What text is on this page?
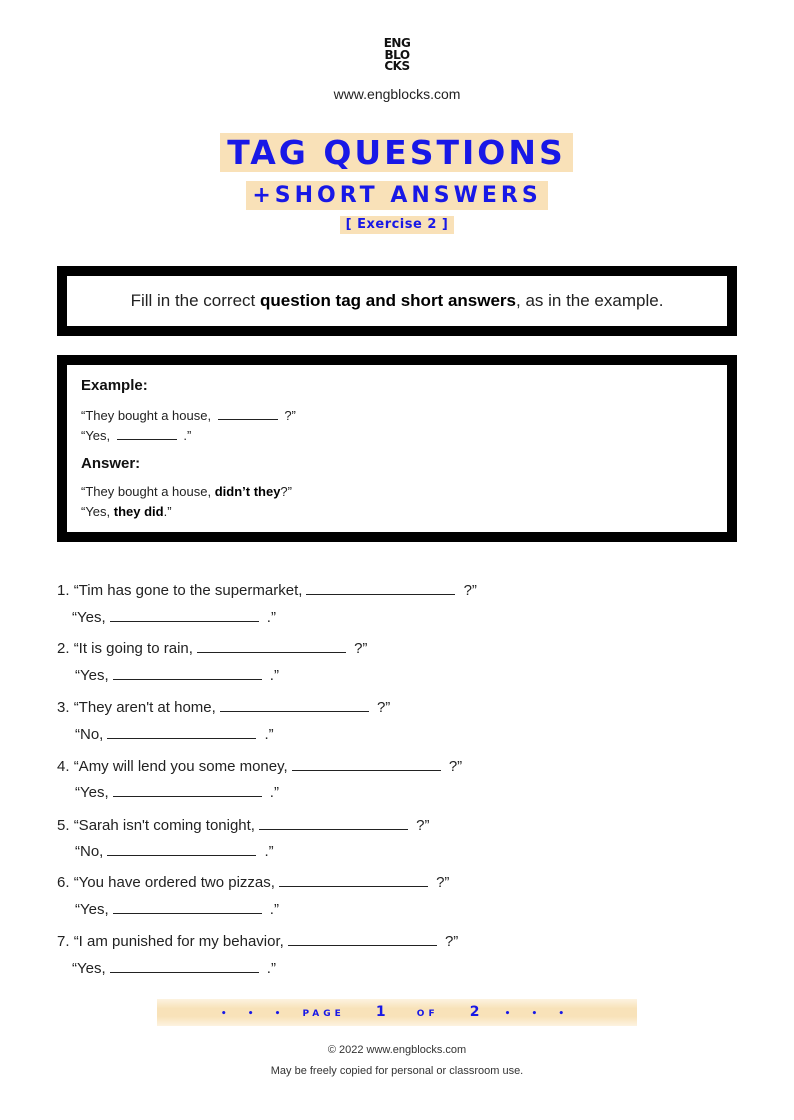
ENG
BLO
CKS
www.engblocks.com
TAG QUESTIONS
+SHORT ANSWERS
[ Exercise 2 ]
Fill in the correct question tag and short answers, as in the example.
Example:
“They bought a house,	?”
“Yes,	.”
Answer:
“They bought a house, didn’t they?”
“Yes, they did.”
1. “Tim has gone to the supermarket,	?”
“Yes,	.”
2. “It is going to rain,	?”
“Yes,	.”
3. “They aren't at home,	?”
“No,	.”
4. “Amy will lend you some money,	?”
“Yes,	.”
5. “Sarah isn't coming tonight,	?”
“No,	.”
6. “You have ordered two pizzas,	?”
“Yes,	.”
7. “I am punished for my behavior,	?”
“Yes,	.”
• • • PAGE 1	OF 2	• • •
© 2022 www.engblocks.com
May be freely copied for personal or classroom use.
